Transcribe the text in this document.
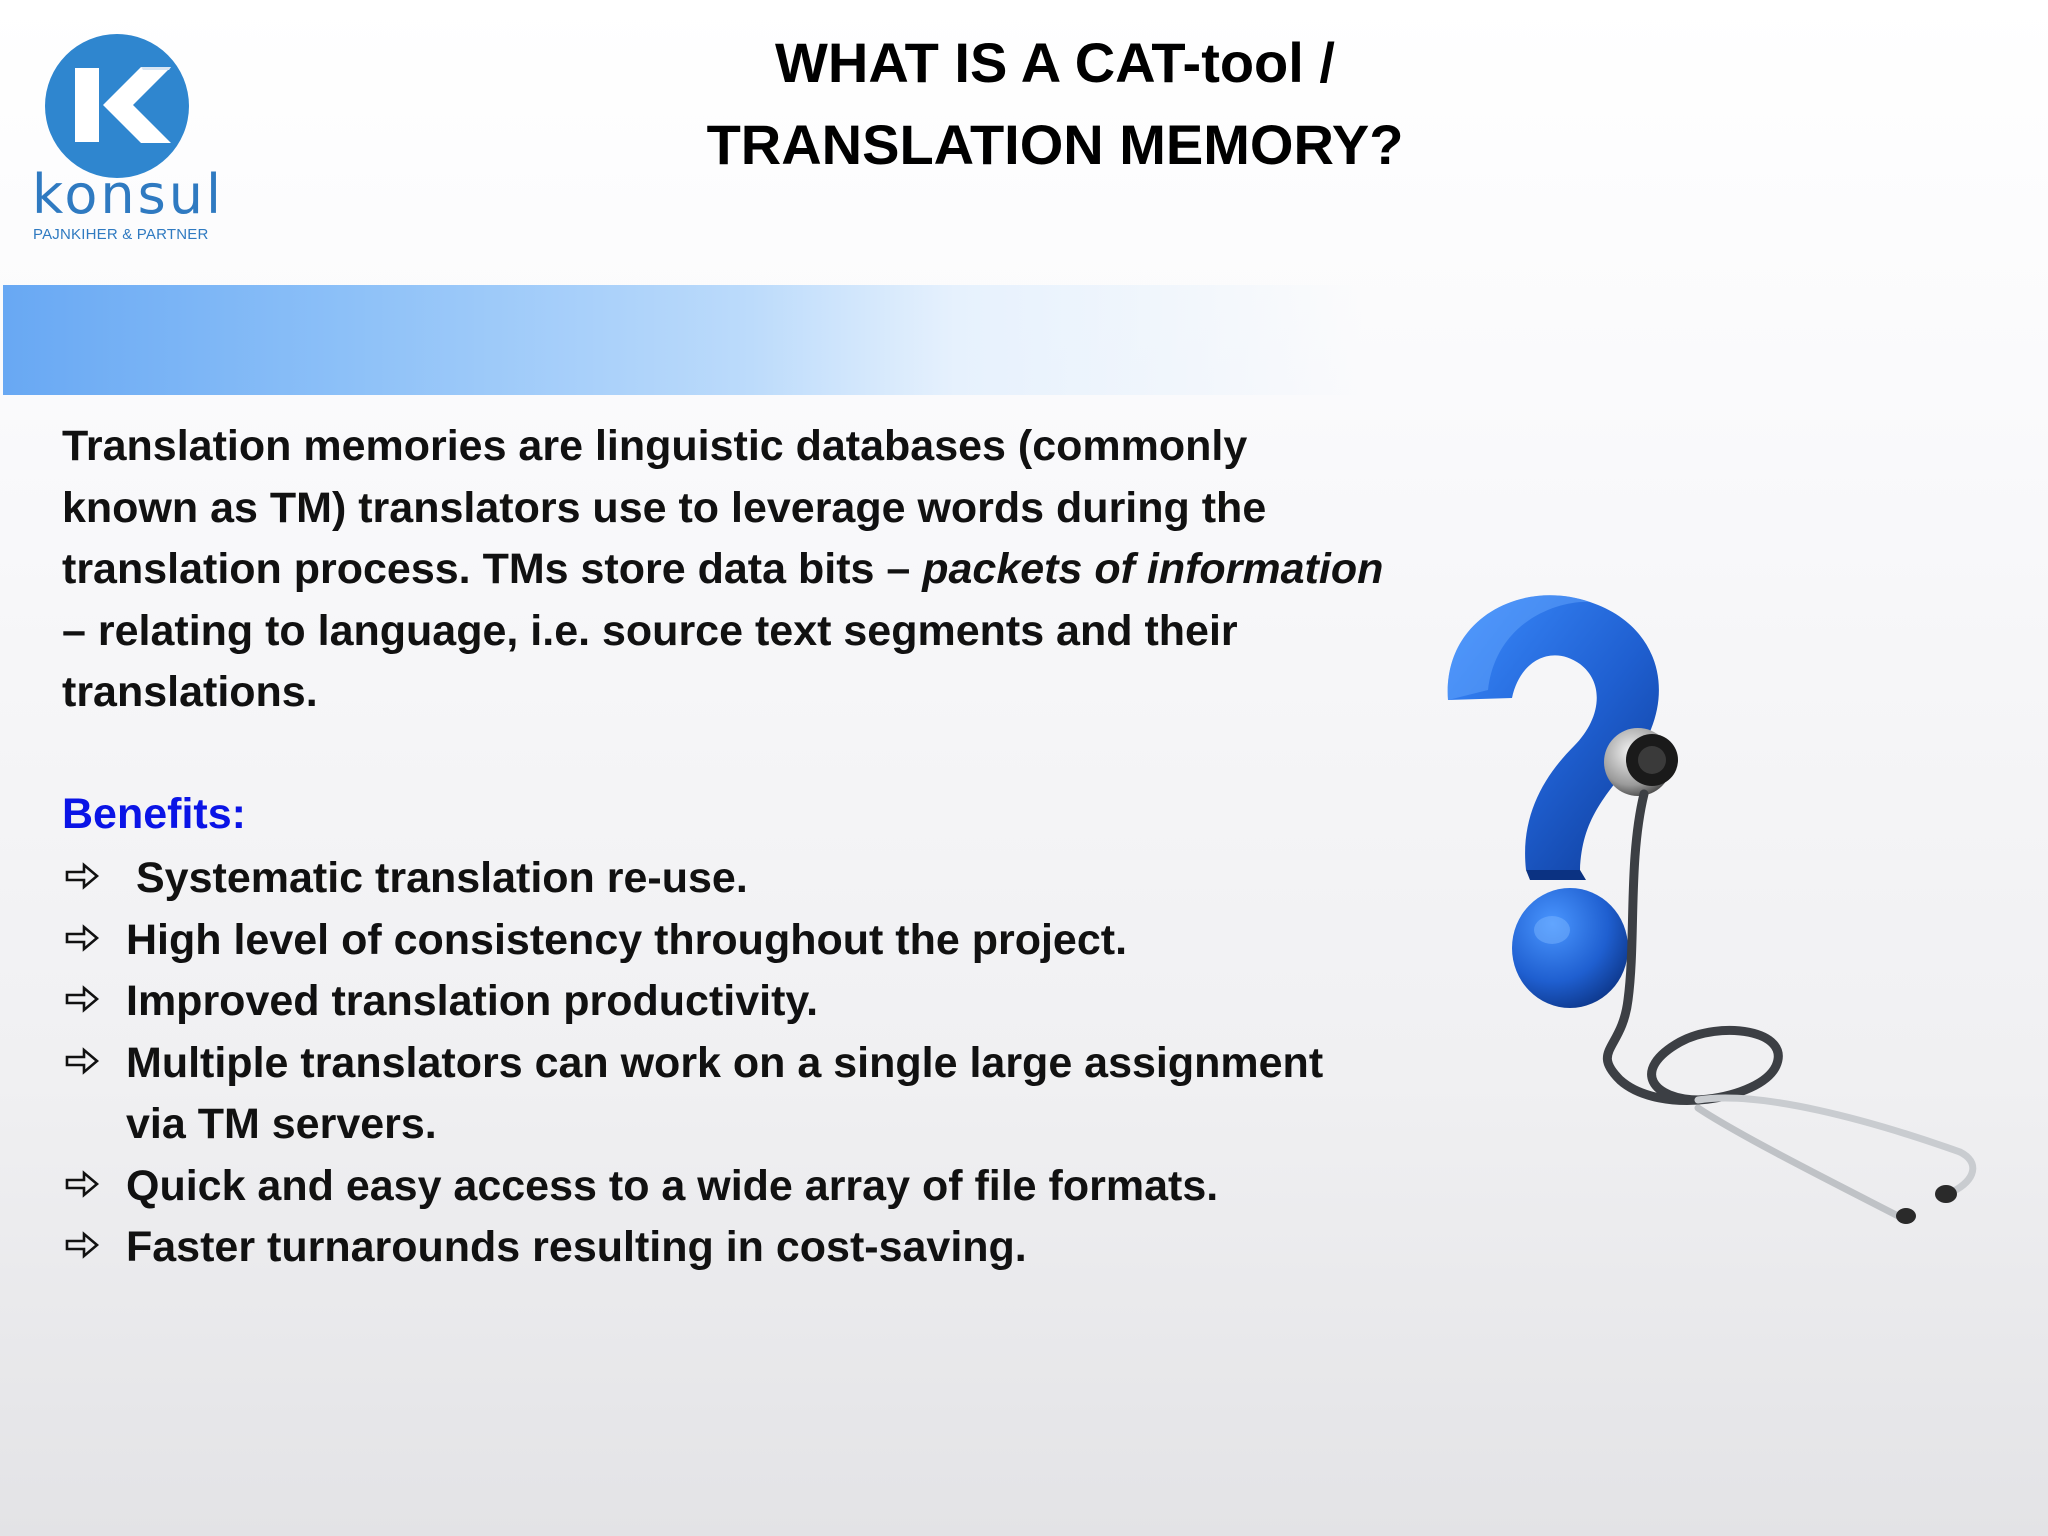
konsul
PAJNKIHER & PARTNER
WHAT IS A CAT-tool /
TRANSLATION MEMORY?
Translation memories are linguistic databases (commonly
known as TM) translators use to leverage words during the
translation process. TMs store data bits – packets of information
– relating to language, i.e. source text segments and their
translations.
Benefits:
Systematic translation re-use.
High level of consistency throughout the project.
Improved translation productivity.
Multiple translators can work on a single large assignment
via TM servers.
Quick and easy access to a wide array of file formats.
Faster turnarounds resulting in cost-saving.
